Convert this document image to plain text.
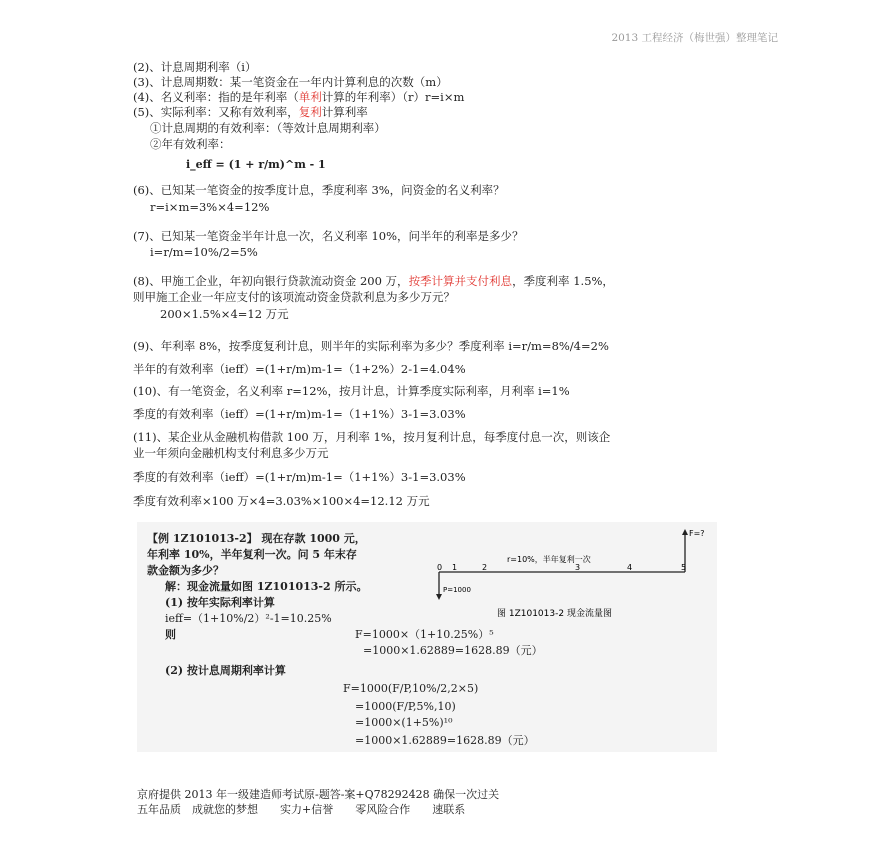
2013 工程经济（梅世强）整理笔记
(2)、计息周期利率（i）
(3)、计息周期数：某一笔资金在一年内计算利息的次数（m）
(4)、名义利率：指的是年利率（单利计算的年利率）（r）r=i×m
(5)、实际利率：又称有效利率，复利计算利率
①计息周期的有效利率：（等效计息周期利率）
②年有效利率：
i_eff = (1 + r/m)^m - 1
(6)、已知某一笔资金的按季度计息，季度利率 3%，问资金的名义利率？
r=i×m=3%×4=12%
(7)、已知某一笔资金半年计息一次，名义利率 10%，问半年的利率是多少？
i=r/m=10%/2=5%
(8)、甲施工企业，年初向银行贷款流动资金 200 万，按季计算并支付利息，季度利率 1.5%，
则甲施工企业一年应支付的该项流动资金贷款利息为多少万元？
200×1.5%×4=12 万元
(9)、年利率 8%，按季度复利计息，则半年的实际利率为多少？季度利率 i=r/m=8%/4=2%
半年的有效利率（ieff）=(1+r/m)m-1=（1+2%）2-1=4.04%
(10)、有一笔资金，名义利率 r=12%，按月计息，计算季度实际利率，月利率 i=1%
季度的有效利率（ieff）=(1+r/m)m-1=（1+1%）3-1=3.03%
(11)、某企业从金融机构借款 100 万，月利率 1%，按月复利计息，每季度付息一次，则该企
业一年须向金融机构支付利息多少万元
季度的有效利率（ieff）=(1+r/m)m-1=（1+1%）3-1=3.03%
季度有效利率×100 万×4=3.03%×100×4=12.12 万元
【例 1Z101013-2】 现在存款 1000 元，
年利率 10%，半年复利一次。问 5 年末存
款金额为多少？
解：现金流量如图 1Z101013-2 所示。
(1) 按年实际利率计算
ieff=（1+10%/2）²-1=10.25%
则	F=1000×（1+10.25%）⁵
=1000×1.62889=1628.89（元）
(2) 按计息周期利率计算
F=1000(F/P,10%/2,2×5)
=1000(F/P,5%,10)
=1000×(1+5%)¹⁰
=1000×1.62889=1628.89（元）
0 1	2	3	4	5
r=10%，半年复利一次
F=?
P=1000
图 1Z101013-2 现金流量图
京府提供 2013 年一级建造师考试原-题答-案+Q78292428 确保一次过关
五年品质　成就您的梦想　　实力+信誉　　零风险合作　　速联系
